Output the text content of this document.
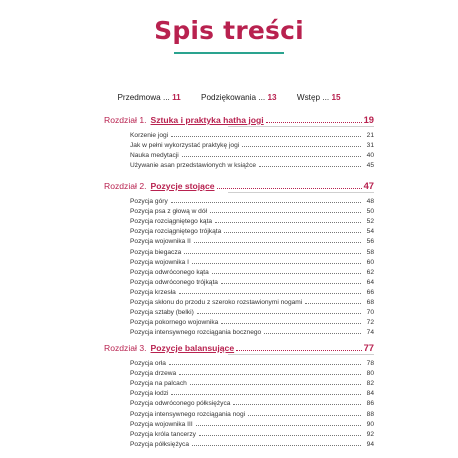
Spis treści
Przedmowa ... 11 Podziękowania ... 13 Wstęp ... 15
Rozdział 1. Sztuka i praktyka hatha jogi	19
Korzenie jogi	21
Jak w pełni wykorzystać praktykę jogi	31
Nauka medytacji	40
Używanie asan przedstawionych w książce	45
Rozdział 2. Pozycje stojące	47
Pozycja góry	48
Pozycja psa z głową w dół	50
Pozycja rozciągniętego kąta	52
Pozycja rozciągniętego trójkąta	54
Pozycja wojownika II	56
Pozycja biegacza	58
Pozycja wojownika I	60
Pozycja odwróconego kąta	62
Pozycja odwróconego trójkąta	64
Pozycja krzesła	66
Pozycja skłonu do przodu z szeroko rozstawionymi nogami	68
Pozycja sztaby (belki)	70
Pozycja pokornego wojownika	72
Pozycja intensywnego rozciągania bocznego	74
Rozdział 3. Pozycje balansujące	77
Pozycja orła	78
Pozycja drzewa	80
Pozycja na palcach	82
Pozycja łodzi	84
Pozycja odwróconego półksiężyca	86
Pozycja intensywnego rozciągania nogi	88
Pozycja wojownika III	90
Pozycja króla tancerzy	92
Pozycja półksiężyca	94
